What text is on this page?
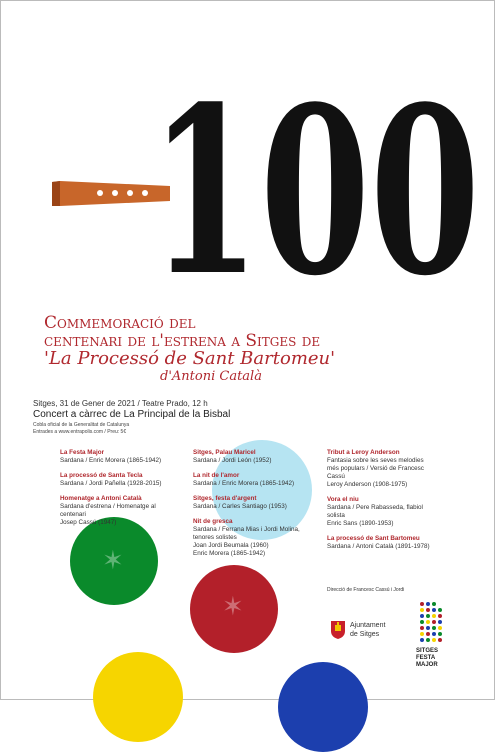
100
✶
✶
Commemoració del
centenari de l'estrena a Sitges de
'La Processó de Sant Bartomeu'
d'Antoni Català
Sitges, 31 de Gener de 2021 / Teatre Prado, 12 h
Concert a càrrec de La Principal de la Bisbal
Cobla oficial de la Generalitat de Catalunya
Entrades a www.entrapolis.com / Preu: 5€
La Festa Major
Sardana / Enric Morera (1865-1942)
La processó de Santa Tecla
Sardana / Jordi Pañella (1928-2015)
Homenatge a Antoni Català
Sardana d'estrena / Homenatge al
centenari
Josep Cassú (1947)
Sitges, Palau Maricel
Sardana / Jordi León (1952)
La nit de l'amor
Sardana / Enric Morera (1865-1942)
Sitges, festa d'argent
Sardana / Carles Santiago (1953)
Nit de gresca
Sardana / Ferrana Mias i Jordi Molina,
tenores solistes
Joan Jordi Beumala (1960)
Enric Morera (1865-1942)
Tribut a Leroy Anderson
Fantasia sobre les seves melodies
més populars / Versió de Francesc
Cassú
Leroy Anderson (1908-1975)
Vora el niu
Sardana / Pere Rabasseda, flabiol
solista
Enric Sans (1890-1953)
La processó de Sant Bartomeu
Sardana / Antoni Català (1891-1978)
Direcció de Francesc Cassú i Jordi
Ajuntament
de Sitges
SITGES
FESTA
MAJOR
